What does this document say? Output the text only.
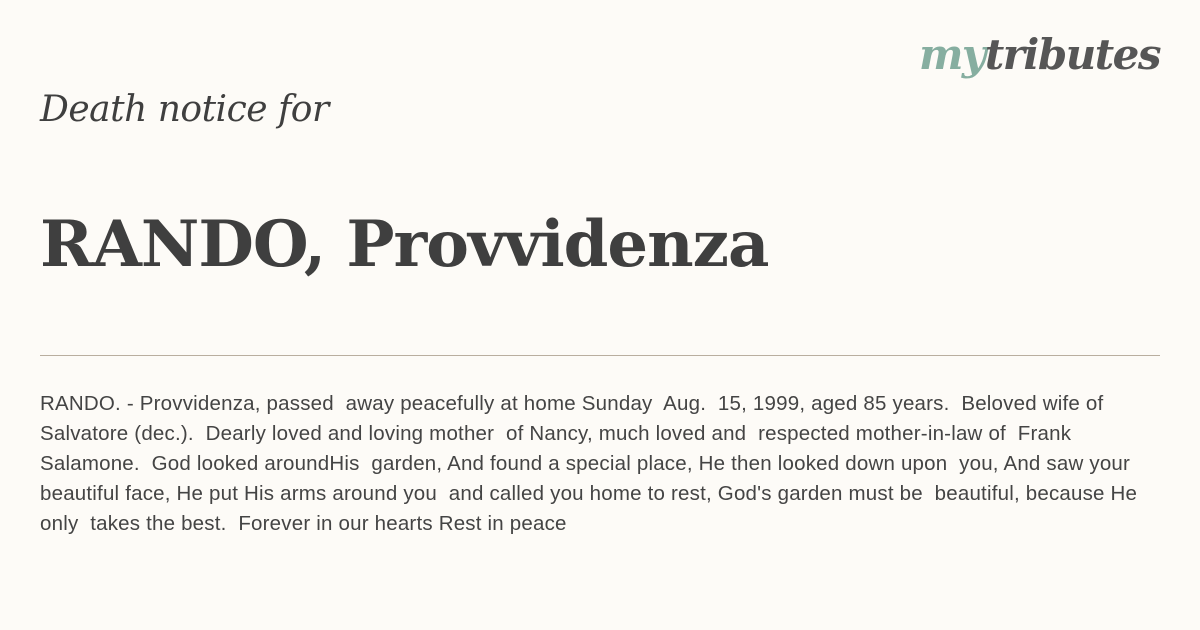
mytributes
Death notice for
RANDO, Provvidenza
RANDO. - Provvidenza, passed  away peacefully at home Sunday  Aug.  15, 1999, aged 85 years.  Beloved wife of Salvatore (dec.).  Dearly loved and loving mother  of Nancy, much loved and  respected mother-in-law of  Frank Salamone.  God looked aroundHis  garden, And found a special place, He then looked down upon  you, And saw your beautiful face, He put His arms around you  and called you home to rest, God's garden must be  beautiful, because He only  takes the best.  Forever in our hearts Rest in peace
